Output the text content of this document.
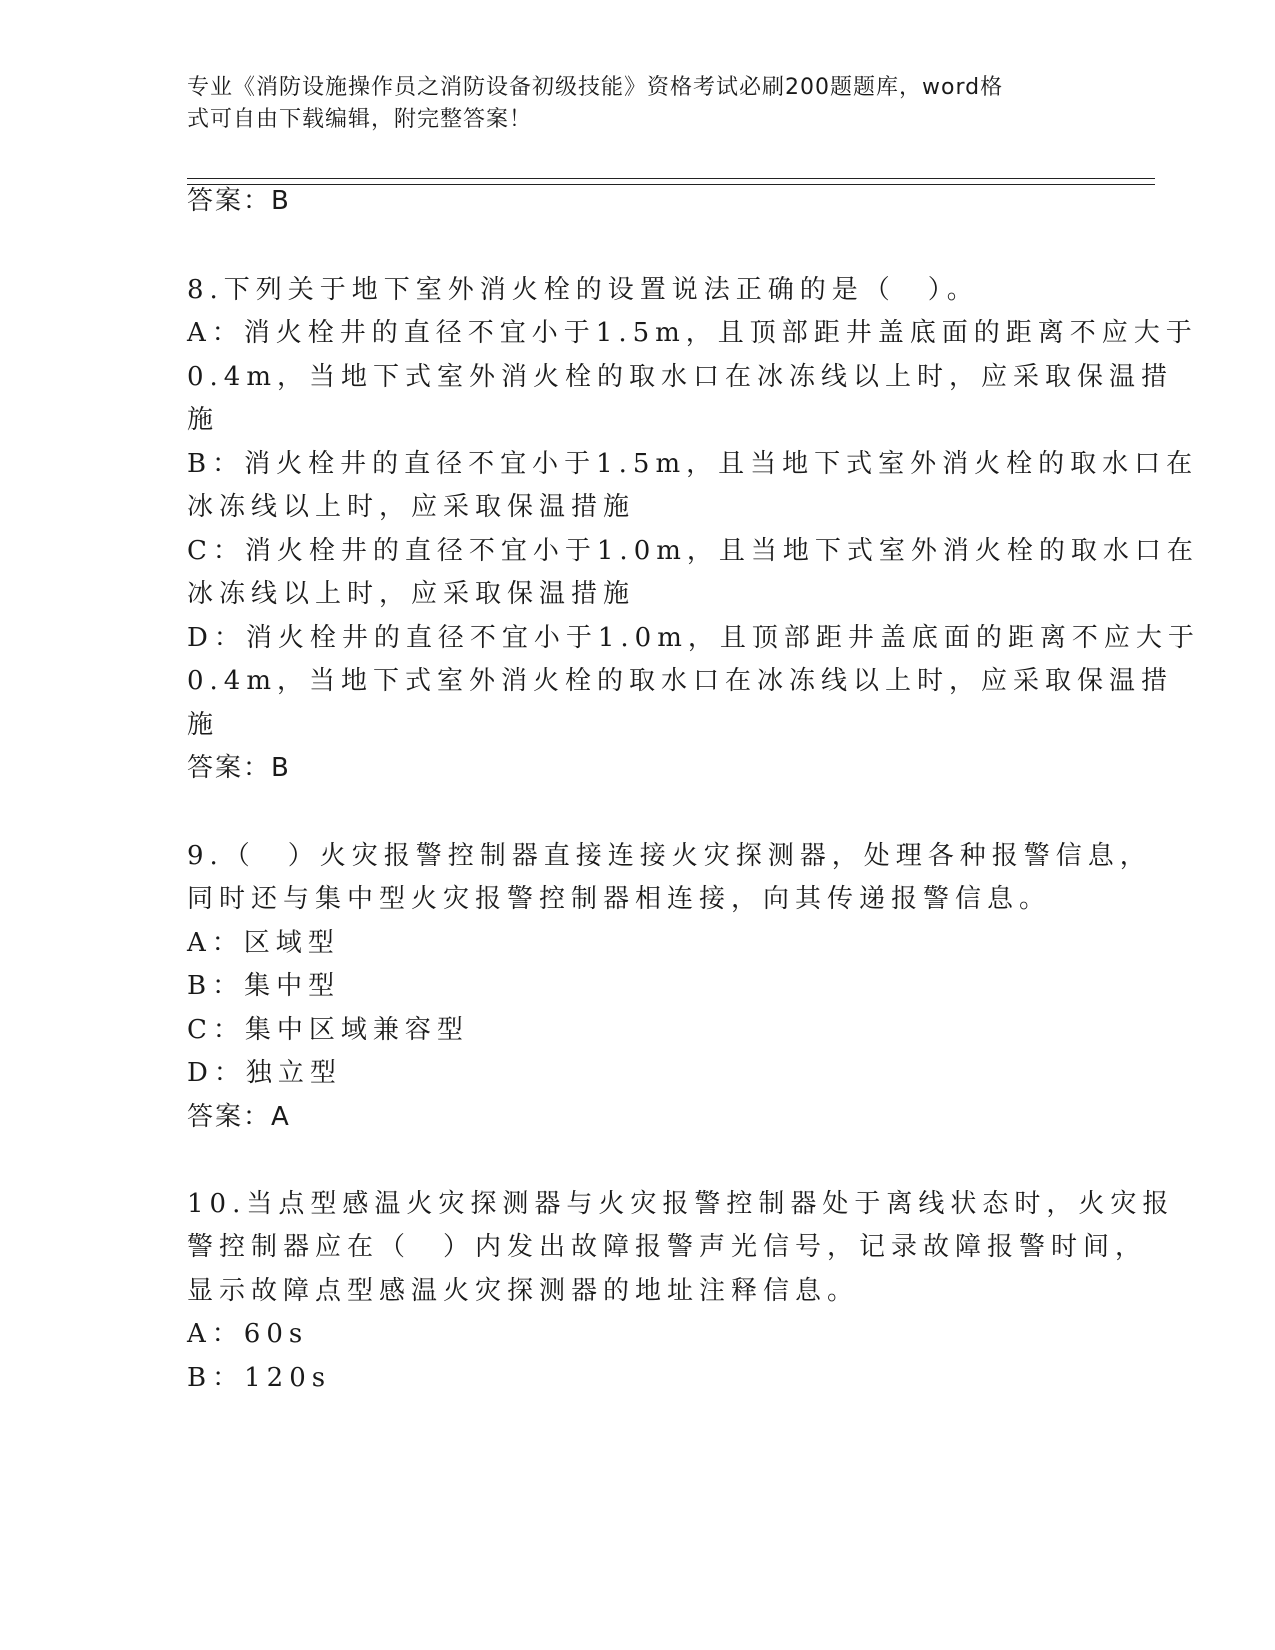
专业《消防设施操作员之消防设备初级技能》资格考试必刷200题题库，word格
式可自由下载编辑，附完整答案！
答案：B
8.下列关于地下室外消火栓的设置说法正确的是（　）。
A：消火栓井的直径不宜小于1.5m，且顶部距井盖底面的距离不应大于
0.4m，当地下式室外消火栓的取水口在冰冻线以上时，应采取保温措
施
B：消火栓井的直径不宜小于1.5m，且当地下式室外消火栓的取水口在
冰冻线以上时，应采取保温措施
C：消火栓井的直径不宜小于1.0m，且当地下式室外消火栓的取水口在
冰冻线以上时，应采取保温措施
D：消火栓井的直径不宜小于1.0m，且顶部距井盖底面的距离不应大于
0.4m，当地下式室外消火栓的取水口在冰冻线以上时，应采取保温措
施
答案：B
9.（　）火灾报警控制器直接连接火灾探测器，处理各种报警信息，
同时还与集中型火灾报警控制器相连接，向其传递报警信息。
A：区域型
B：集中型
C：集中区域兼容型
D：独立型
答案：A
10.当点型感温火灾探测器与火灾报警控制器处于离线状态时，火灾报
警控制器应在（　）内发出故障报警声光信号，记录故障报警时间，
显示故障点型感温火灾探测器的地址注释信息。
A：60s
B：120s
